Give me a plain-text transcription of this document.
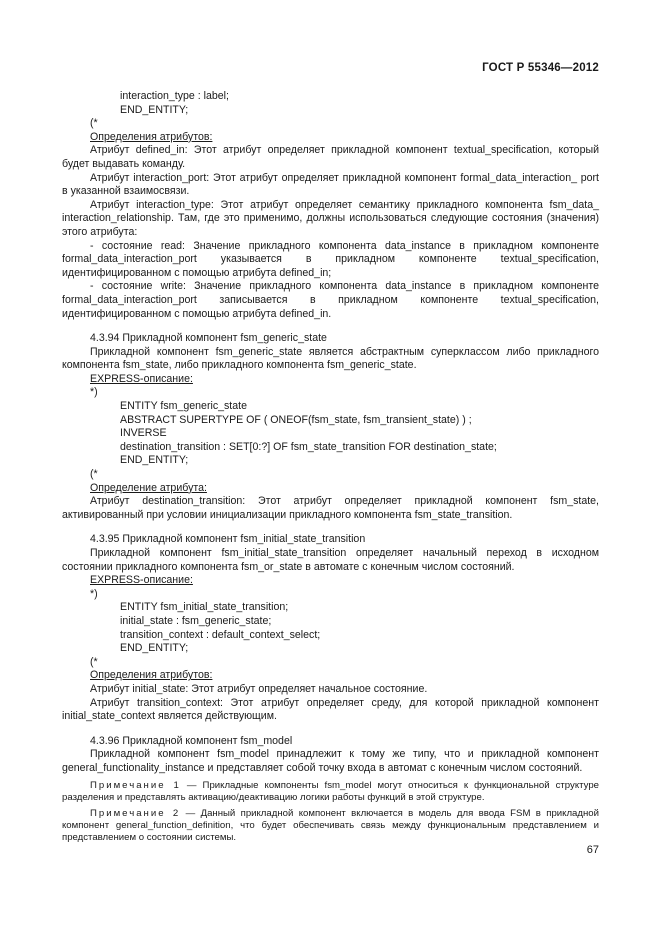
ГОСТ Р 55346—2012

interaction_type : label;

END_ENTITY;

(*

Определения атрибутов:

Атрибут defined_in: Этот атрибут определяет прикладной компонент textual_specification, который будет выдавать команду.

Атрибут interaction_port: Этот атрибут определяет прикладной компонент formal_data_interaction_ port в указанной взаимосвязи.

Атрибут interaction_type: Этот атрибут определяет семантику прикладного компонента fsm_data_ interaction_relationship. Там, где это применимо, должны использоваться следующие состояния (значения) этого атрибута:

- состояние read: Значение прикладного компонента data_instance в прикладном компоненте formal_data_interaction_port указывается в прикладном компоненте textual_specification, идентифицированном с помощью атрибута defined_in;

- состояние write: Значение прикладного компонента data_instance в прикладном компоненте formal_data_interaction_port записывается в прикладном компоненте textual_specification, идентифицированном с помощью атрибута defined_in.

4.3.94 Прикладной компонент fsm_generic_state

Прикладной компонент fsm_generic_state является абстрактным суперклассом либо прикладного компонента fsm_state, либо прикладного компонента fsm_generic_state.

EXPRESS-описание:

*)

ENTITY fsm_generic_state

ABSTRACT SUPERTYPE OF ( ONEOF(fsm_state, fsm_transient_state) ) ;

INVERSE

destination_transition : SET[0:?] OF fsm_state_transition FOR destination_state;

END_ENTITY;

(*

Определение атрибута:

Атрибут destination_transition: Этот атрибут определяет прикладной компонент fsm_state, активированный при условии инициализации прикладного компонента fsm_state_transition.

4.3.95 Прикладной компонент fsm_initial_state_transition

Прикладной компонент fsm_initial_state_transition определяет начальный переход в исходном состоянии прикладного компонента fsm_or_state в автомате с конечным числом состояний.

EXPRESS-описание:

*)

ENTITY fsm_initial_state_transition;

initial_state : fsm_generic_state;

transition_context : default_context_select;

END_ENTITY;

(*

Определения атрибутов:

Атрибут initial_state: Этот атрибут определяет начальное состояние.

Атрибут transition_context: Этот атрибут определяет среду, для которой прикладной компонент initial_state_context является действующим.

4.3.96 Прикладной компонент fsm_model

Прикладной компонент fsm_model принадлежит к тому же типу, что и прикладной компонент general_functionality_instance и представляет собой точку входа в автомат с конечным числом состояний.

Примечание 1 — Прикладные компоненты fsm_model могут относиться к функциональной структуре разделения и представлять активацию/деактивацию логики работы функций в этой структуре.

Примечание 2 — Данный прикладной компонент включается в модель для ввода FSM в прикладной компонент general_function_definition, что будет обеспечивать связь между функциональным представлением и представлением о состоянии системы.

67
